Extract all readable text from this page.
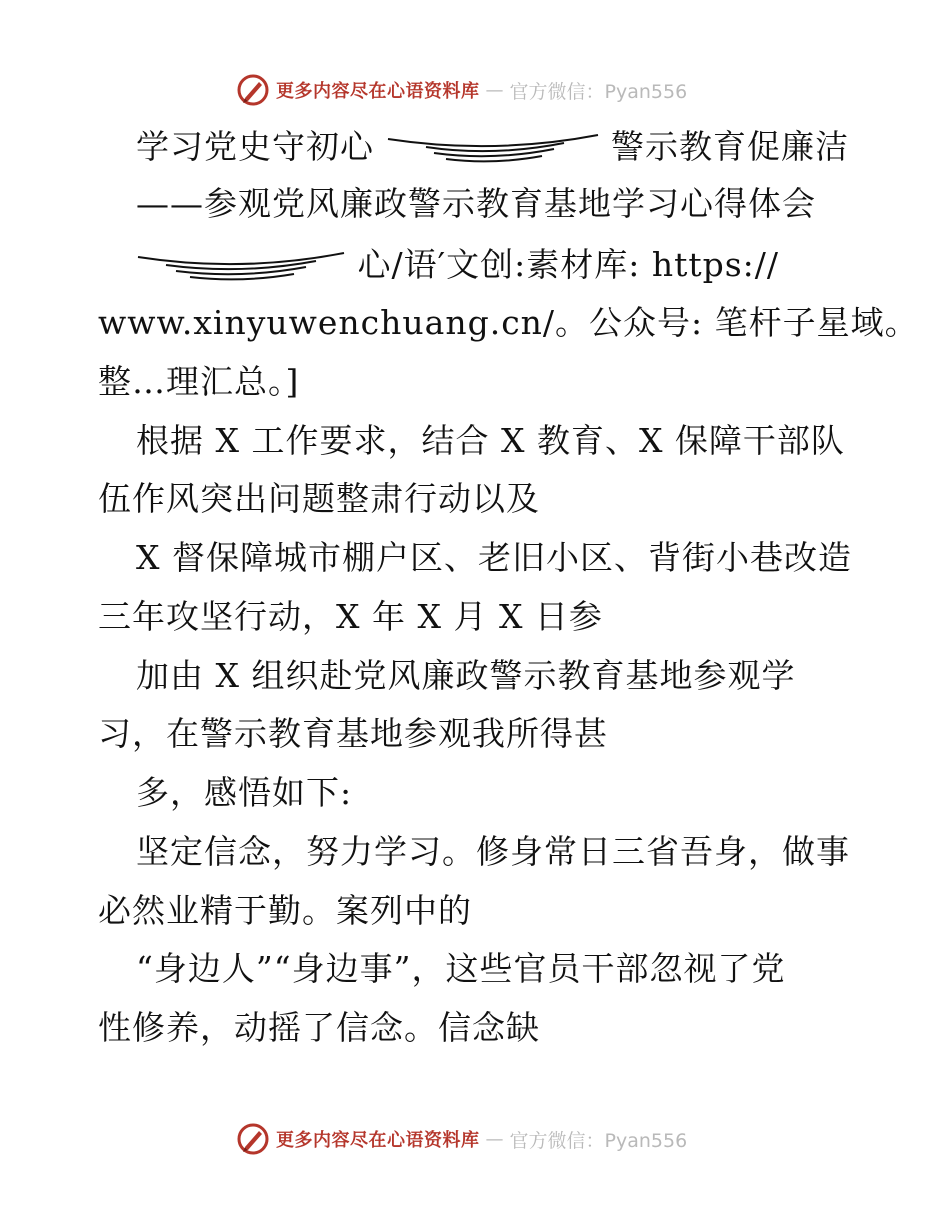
更多内容尽在心语资料库 — 官方微信：Pyan556
学习党史守初心	警示教育促廉洁
——参观党风廉政警示教育基地学习心得体会
心/语′文创:素材库: https://
www.xinyuwenchuang.cn/。公众号: 笔杆子星域。
整…理汇总。]
根据 X 工作要求，结合 X 教育、X 保障干部队
伍作风突出问题整肃行动以及
X 督保障城市棚户区、老旧小区、背街小巷改造
三年攻坚行动，X 年 X 月 X 日参
加由 X 组织赴党风廉政警示教育基地参观学
习，在警示教育基地参观我所得甚
多，感悟如下:
坚定信念，努力学习。修身常日三省吾身，做事
必然业精于勤。案列中的
“身边人”“身边事”，这些官员干部忽视了党
性修养，动摇了信念。信念缺
更多内容尽在心语资料库 — 官方微信：Pyan556
